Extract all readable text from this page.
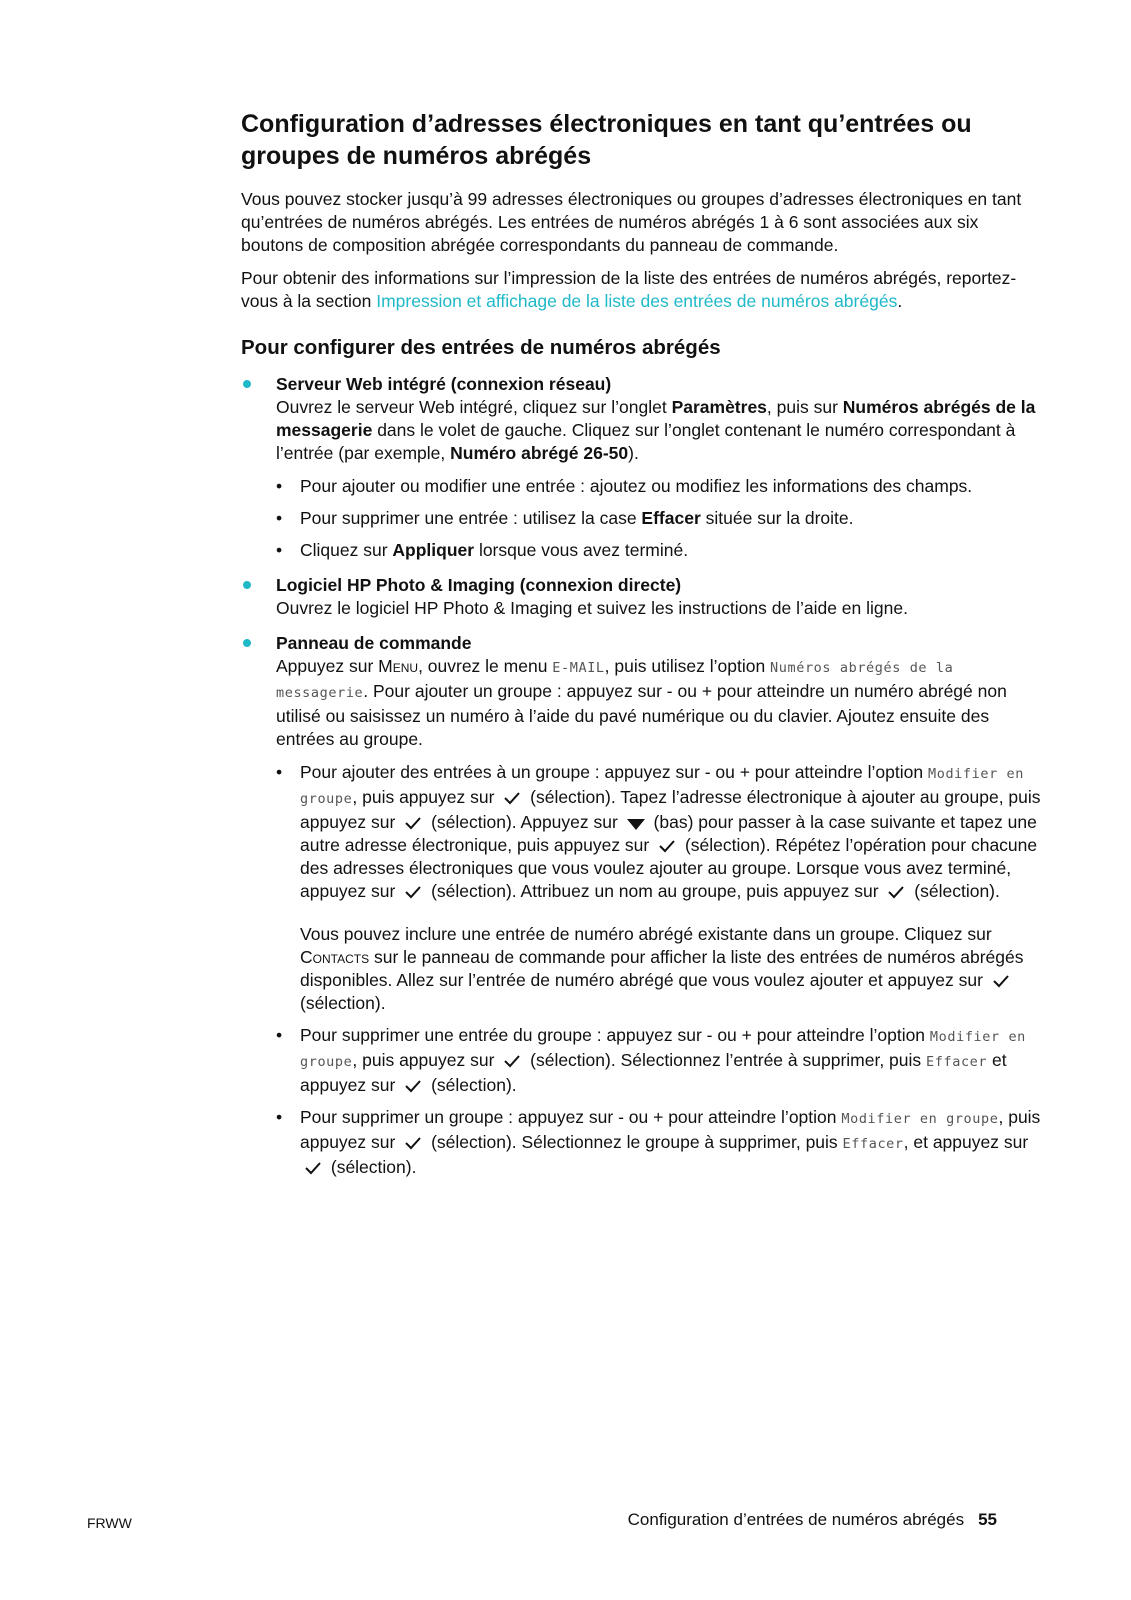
Configuration d’adresses électroniques en tant qu’entrées ou groupes de numéros abrégés

Vous pouvez stocker jusqu’à 99 adresses électroniques ou groupes d’adresses électroniques en tant qu’entrées de numéros abrégés. Les entrées de numéros abrégés 1 à 6 sont associées aux six boutons de composition abrégée correspondants du panneau de commande.

Pour obtenir des informations sur l’impression de la liste des entrées de numéros abrégés, reportez-vous à la section Impression et affichage de la liste des entrées de numéros abrégés.

Pour configurer des entrées de numéros abrégés
Serveur Web intégré (connexion réseau)
Ouvrez le serveur Web intégré, cliquez sur l’onglet Paramètres, puis sur Numéros abrégés de la messagerie dans le volet de gauche. Cliquez sur l’onglet contenant le numéro correspondant à l’entrée (par exemple, Numéro abrégé 26-50).
• Pour ajouter ou modifier une entrée : ajoutez ou modifiez les informations des champs.
• Pour supprimer une entrée : utilisez la case Effacer située sur la droite.
• Cliquez sur Appliquer lorsque vous avez terminé.
Logiciel HP Photo & Imaging (connexion directe)
Ouvrez le logiciel HP Photo & Imaging et suivez les instructions de l’aide en ligne.
Panneau de commande
Appuyez sur Menu, ouvrez le menu E-MAIL, puis utilisez l’option Numéros abrégés de la messagerie. Pour ajouter un groupe : appuyez sur - ou + pour atteindre un numéro abrégé non utilisé ou saisissez un numéro à l’aide du pavé numérique ou du clavier. Ajoutez ensuite des entrées au groupe.
• Pour ajouter des entrées à un groupe : appuyez sur - ou + pour atteindre l’option Modifier en groupe, puis appuyez sur  (sélection). Tapez l’adresse électronique à ajouter au groupe, puis appuyez sur  (sélection). Appuyez sur  (bas) pour passer à la case suivante et tapez une autre adresse électronique, puis appuyez sur  (sélection). Répétez l’opération pour chacune des adresses électroniques que vous voulez ajouter au groupe. Lorsque vous avez terminé, appuyez sur  (sélection). Attribuez un nom au groupe, puis appuyez sur  (sélection).
Vous pouvez inclure une entrée de numéro abrégé existante dans un groupe. Cliquez sur Contacts sur le panneau de commande pour afficher la liste des entrées de numéros abrégés disponibles. Allez sur l’entrée de numéro abrégé que vous voulez ajouter et appuyez sur  (sélection).
• Pour supprimer une entrée du groupe : appuyez sur - ou + pour atteindre l’option Modifier en groupe, puis appuyez sur  (sélection). Sélectionnez l’entrée à supprimer, puis Effacer et appuyez sur  (sélection).
• Pour supprimer un groupe : appuyez sur - ou + pour atteindre l’option Modifier en groupe, puis appuyez sur  (sélection). Sélectionnez le groupe à supprimer, puis Effacer, et appuyez sur  (sélection).
FRWW	Configuration d’entrées de numéros abrégés 55
